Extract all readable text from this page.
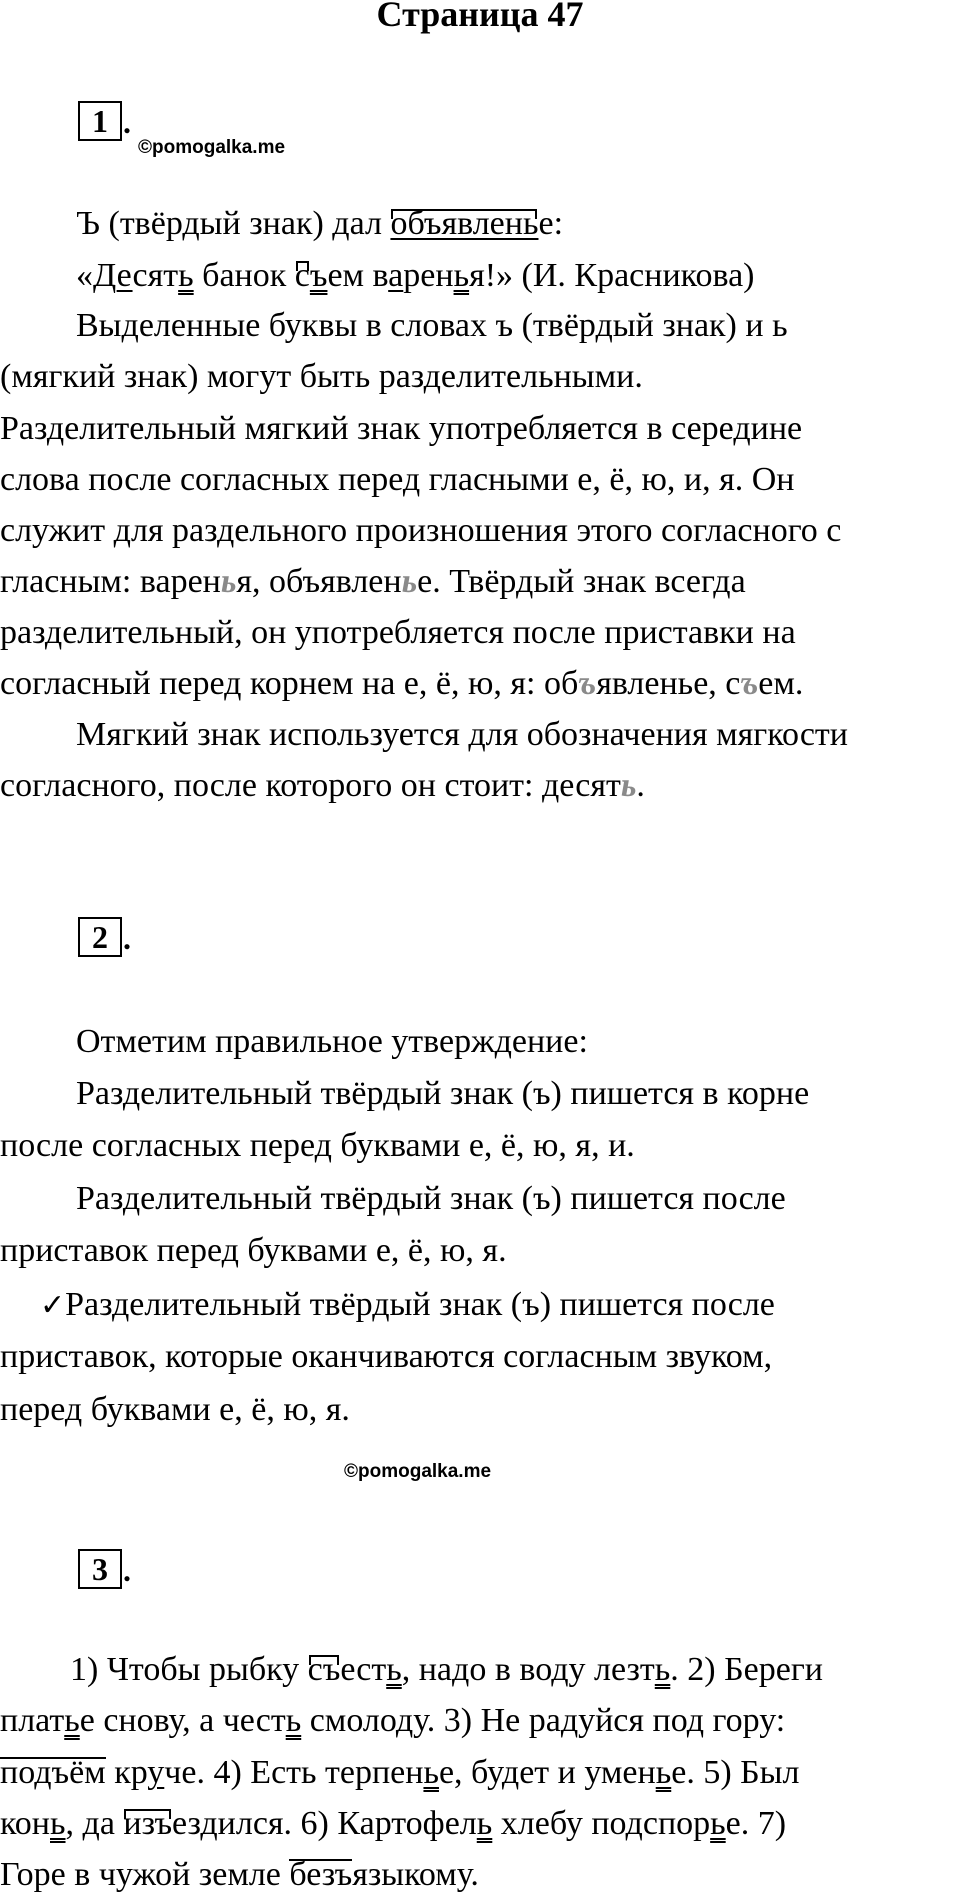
Страница 47
1 .
©pomogalka.me
Ъ (твёрдый знак) дал объявленье:
«Десять банок съем варенья!» (И. Красникова)
Выделенные буквы в словах ъ (твёрдый знак) и ь
(мягкий знак) могут быть разделительными.
Разделительный мягкий знак употребляется в середине
слова после согласных перед гласными е, ё, ю, и, я. Он
служит для раздельного произношения этого согласного с
гласным: варенья, объявленье. Твёрдый знак всегда
разделительный, он употребляется после приставки на
согласный перед корнем на е, ё, ю, я: объявленье, съем.
Мягкий знак используется для обозначения мягкости
согласного, после которого он стоит: десять.
2 .
Отметим правильное утверждение:
Разделительный твёрдый знак (ъ) пишется в корне
после согласных перед буквами е, ё, ю, я, и.
Разделительный твёрдый знак (ъ) пишется после
приставок перед буквами е, ё, ю, я.
✓Разделительный твёрдый знак (ъ) пишется после
приставок, которые оканчиваются согласным звуком,
перед буквами е, ё, ю, я.
©pomogalka.me
3 .
1) Чтобы рыбку съесть, надо в воду лезть. 2) Береги
платье снову, а честь смолоду. 3) Не радуйся под гору:
подъём круче. 4) Есть терпенье, будет и уменье. 5) Был
конь, да изъездился. 6) Картофель хлебу подспорье. 7)
Горе в чужой земле безъязыкому.
